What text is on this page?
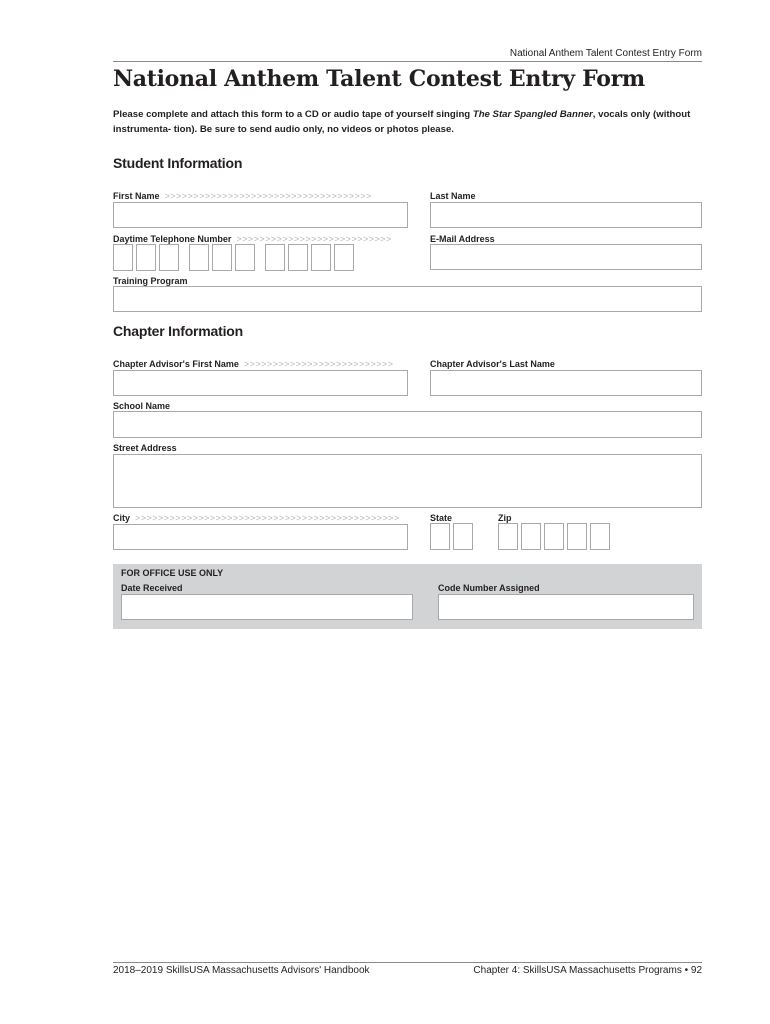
National Anthem Talent Contest Entry Form
National Anthem Talent Contest Entry Form
Please complete and attach this form to a CD or audio tape of yourself singing The Star Spangled Banner, vocals only (without instrumenta- tion). Be sure to send audio only, no videos or photos please.
Student Information
First Name >>>>>>>>>>>>>>>>>>>>>>>>>>>>>>>>>>>>	Last Name
Daytime Telephone Number >>>>>>>>>>>>>>>>>>>>>>>>>>>	E-Mail Address
Training Program
Chapter Information
Chapter Advisor's First Name >>>>>>>>>>>>>>>>>>>>>>>>>>	Chapter Advisor's Last Name
School Name
Street Address
City >>>>>>>>>>>>>>>>>>>>>>>>>>>>>>>>>>>>>>>>>>>>>>	State	Zip
FOR OFFICE USE ONLY
Date Received	Code Number Assigned
2018–2019 SkillsUSA Massachusetts Advisors' Handbook	Chapter 4: SkillsUSA Massachusetts Programs • 92
